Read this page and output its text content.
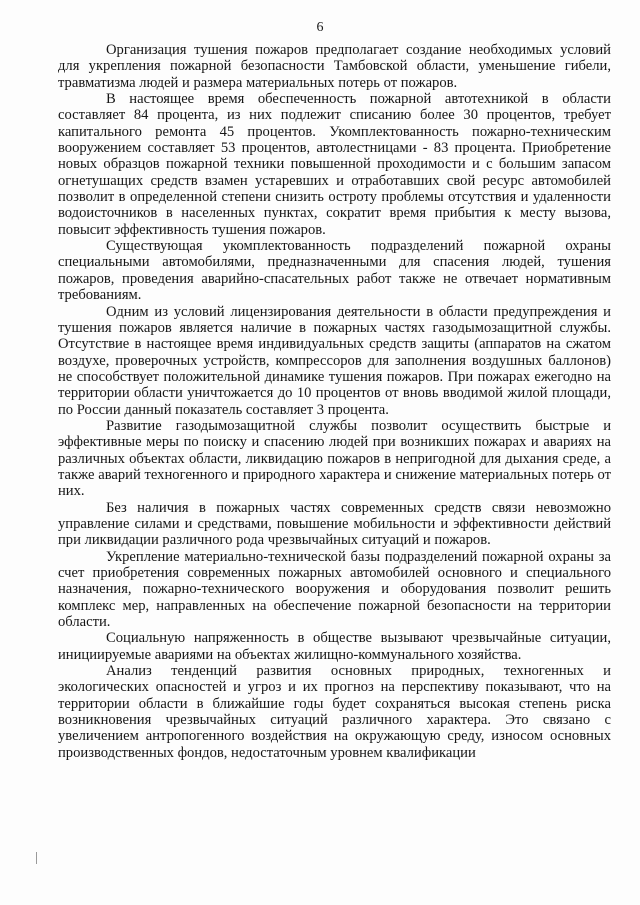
6

Организация тушения пожаров предполагает создание необходимых условий для укрепления пожарной безопасности Тамбовской области, уменьшение гибели, травматизма людей и размера материальных потерь от пожаров.

В настоящее время обеспеченность пожарной автотехникой в области составляет 84 процента, из них подлежит списанию более 30 процентов, требует капитального ремонта 45 процентов. Укомплектованность пожарно-техническим вооружением составляет 53 процентов, автолестницами - 83 процента. Приобретение новых образцов пожарной техники повышенной проходимости и с большим запасом огнетушащих средств взамен устаревших и отработавших свой ресурс автомобилей позволит в определенной степени снизить остроту проблемы отсутствия и удаленности водоисточников в населенных пунктах, сократит время прибытия к месту вызова, повысит эффективность тушения пожаров.

Существующая укомплектованность подразделений пожарной охраны специальными автомобилями, предназначенными для спасения людей, тушения пожаров, проведения аварийно-спасательных работ также не отвечает нормативным требованиям.

Одним из условий лицензирования деятельности в области предупреждения и тушения пожаров является наличие в пожарных частях газодымозащитной службы. Отсутствие в настоящее время индивидуальных средств защиты (аппаратов на сжатом воздухе, проверочных устройств, компрессоров для заполнения воздушных баллонов) не способствует положительной динамике тушения пожаров. При пожарах ежегодно на территории области уничтожается до 10 процентов от вновь вводимой жилой площади, по России данный показатель составляет 3 процента.

Развитие газодымозащитной службы позволит осуществить быстрые и эффективные меры по поиску и спасению людей при возникших пожарах и авариях на различных объектах области, ликвидацию пожаров в непригодной для дыхания среде, а также аварий техногенного и природного характера и снижение материальных потерь от них.

Без наличия в пожарных частях современных средств связи невозможно управление силами и средствами, повышение мобильности и эффективности действий при ликвидации различного рода чрезвычайных ситуаций и пожаров.

Укрепление материально-технической базы подразделений пожарной охраны за счет приобретения современных пожарных автомобилей основного и специального назначения, пожарно-технического вооружения и оборудования позволит решить комплекс мер, направленных на обеспечение пожарной безопасности на территории области.

Социальную напряженность в обществе вызывают чрезвычайные ситуации, инициируемые авариями на объектах жилищно-коммунального хозяйства.

Анализ тенденций развития основных природных, техногенных и экологических опасностей и угроз и их прогноз на перспективу показывают, что на территории области в ближайшие годы будет сохраняться высокая степень риска возникновения чрезвычайных ситуаций различного характера. Это связано с увеличением антропогенного воздействия на окружающую среду, износом основных производственных фондов, недостаточным уровнем квалификации
